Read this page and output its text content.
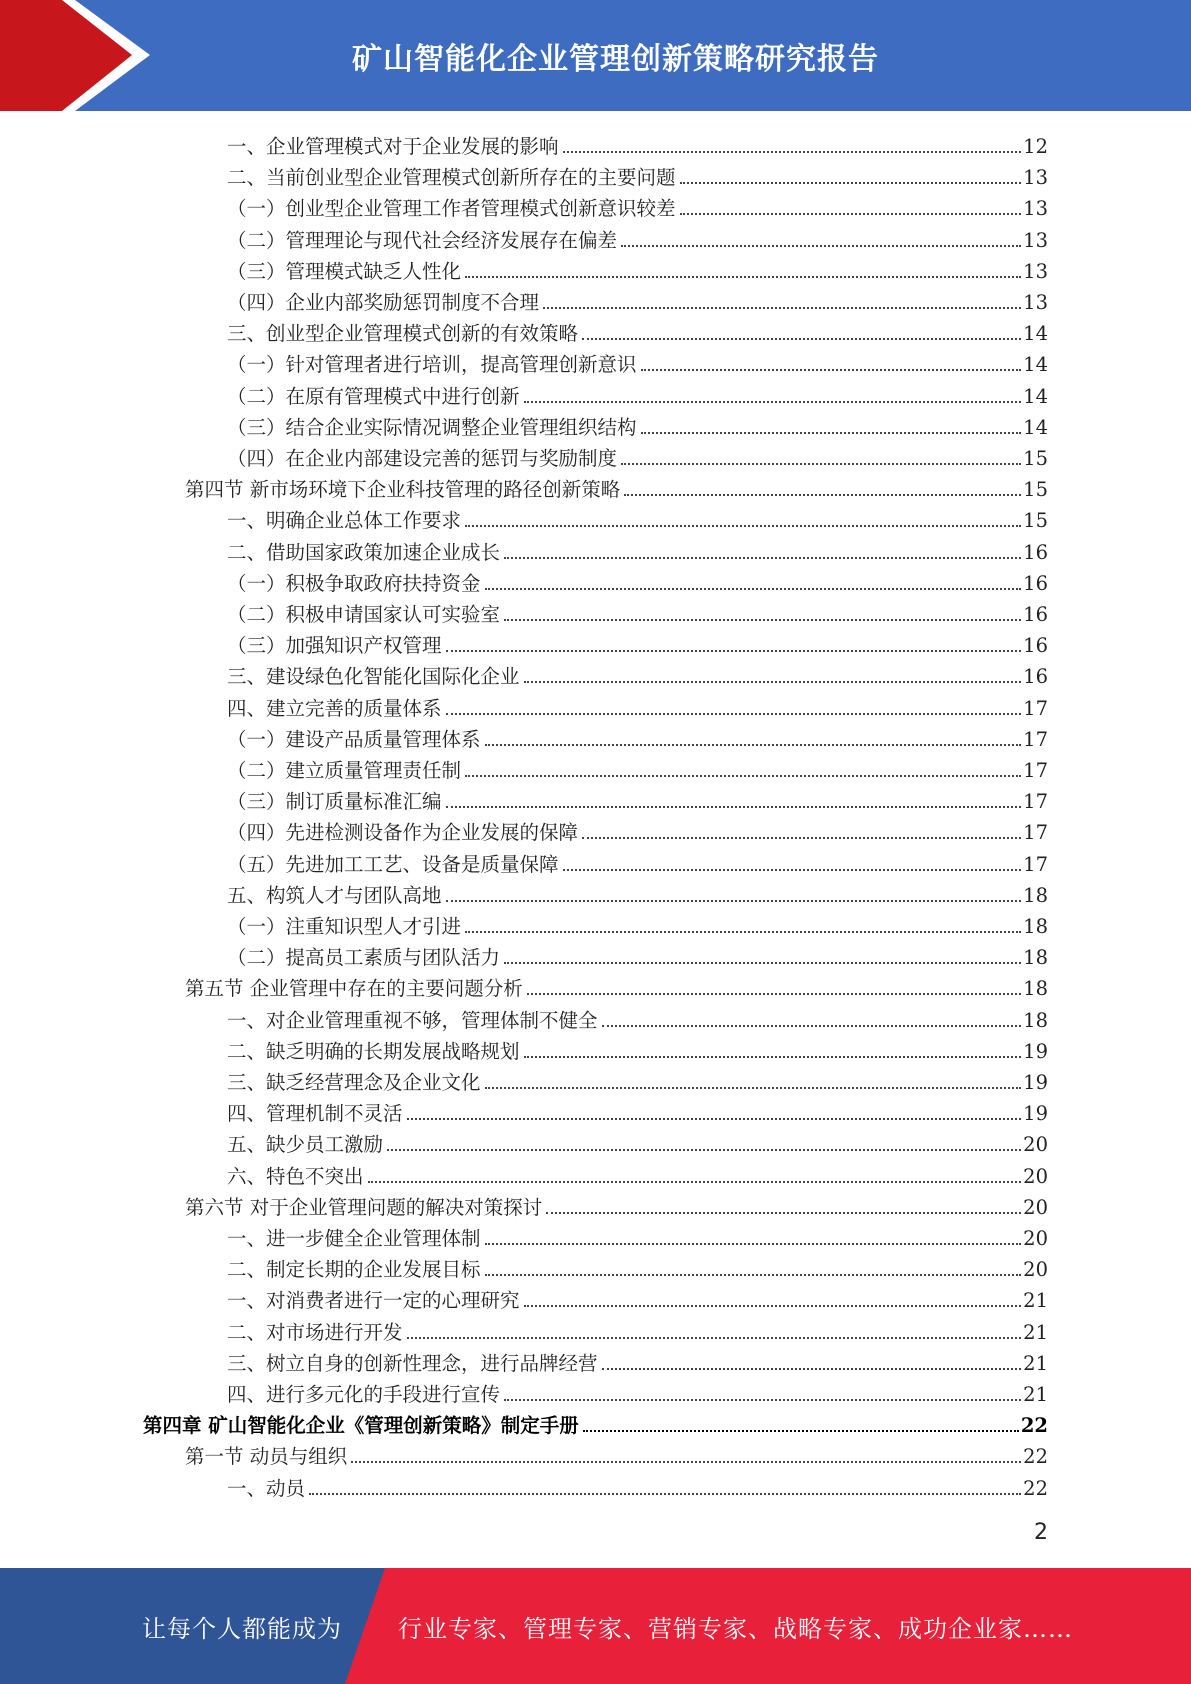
矿山智能化企业管理创新策略研究报告
一、企业管理模式对于企业发展的影响	12
二、当前创业型企业管理模式创新所存在的主要问题	13
（一）创业型企业管理工作者管理模式创新意识较差	13
（二）管理理论与现代社会经济发展存在偏差	13
（三）管理模式缺乏人性化	13
（四）企业内部奖励惩罚制度不合理	13
三、创业型企业管理模式创新的有效策略	14
（一）针对管理者进行培训，提高管理创新意识	14
（二）在原有管理模式中进行创新	14
（三）结合企业实际情况调整企业管理组织结构	14
（四）在企业内部建设完善的惩罚与奖励制度	15
第四节 新市场环境下企业科技管理的路径创新策略	15
一、明确企业总体工作要求	15
二、借助国家政策加速企业成长	16
（一）积极争取政府扶持资金	16
（二）积极申请国家认可实验室	16
（三）加强知识产权管理	16
三、建设绿色化智能化国际化企业	16
四、建立完善的质量体系	17
（一）建设产品质量管理体系	17
（二）建立质量管理责任制	17
（三）制订质量标准汇编	17
（四）先进检测设备作为企业发展的保障	17
（五）先进加工工艺、设备是质量保障	17
五、构筑人才与团队高地	18
（一）注重知识型人才引进	18
（二）提高员工素质与团队活力	18
第五节 企业管理中存在的主要问题分析	18
一、对企业管理重视不够，管理体制不健全	18
二、缺乏明确的长期发展战略规划	19
三、缺乏经营理念及企业文化	19
四、管理机制不灵活	19
五、缺少员工激励	20
六、特色不突出	20
第六节 对于企业管理问题的解决对策探讨	20
一、进一步健全企业管理体制	20
二、制定长期的企业发展目标	20
一、对消费者进行一定的心理研究	21
二、对市场进行开发	21
三、树立自身的创新性理念，进行品牌经营	21
四、进行多元化的手段进行宣传	21
第四章 矿山智能化企业《管理创新策略》制定手册	22
第一节 动员与组织	22
一、动员	22
2
让每个人都能成为 行业专家、管理专家、营销专家、战略专家、成功企业家……
